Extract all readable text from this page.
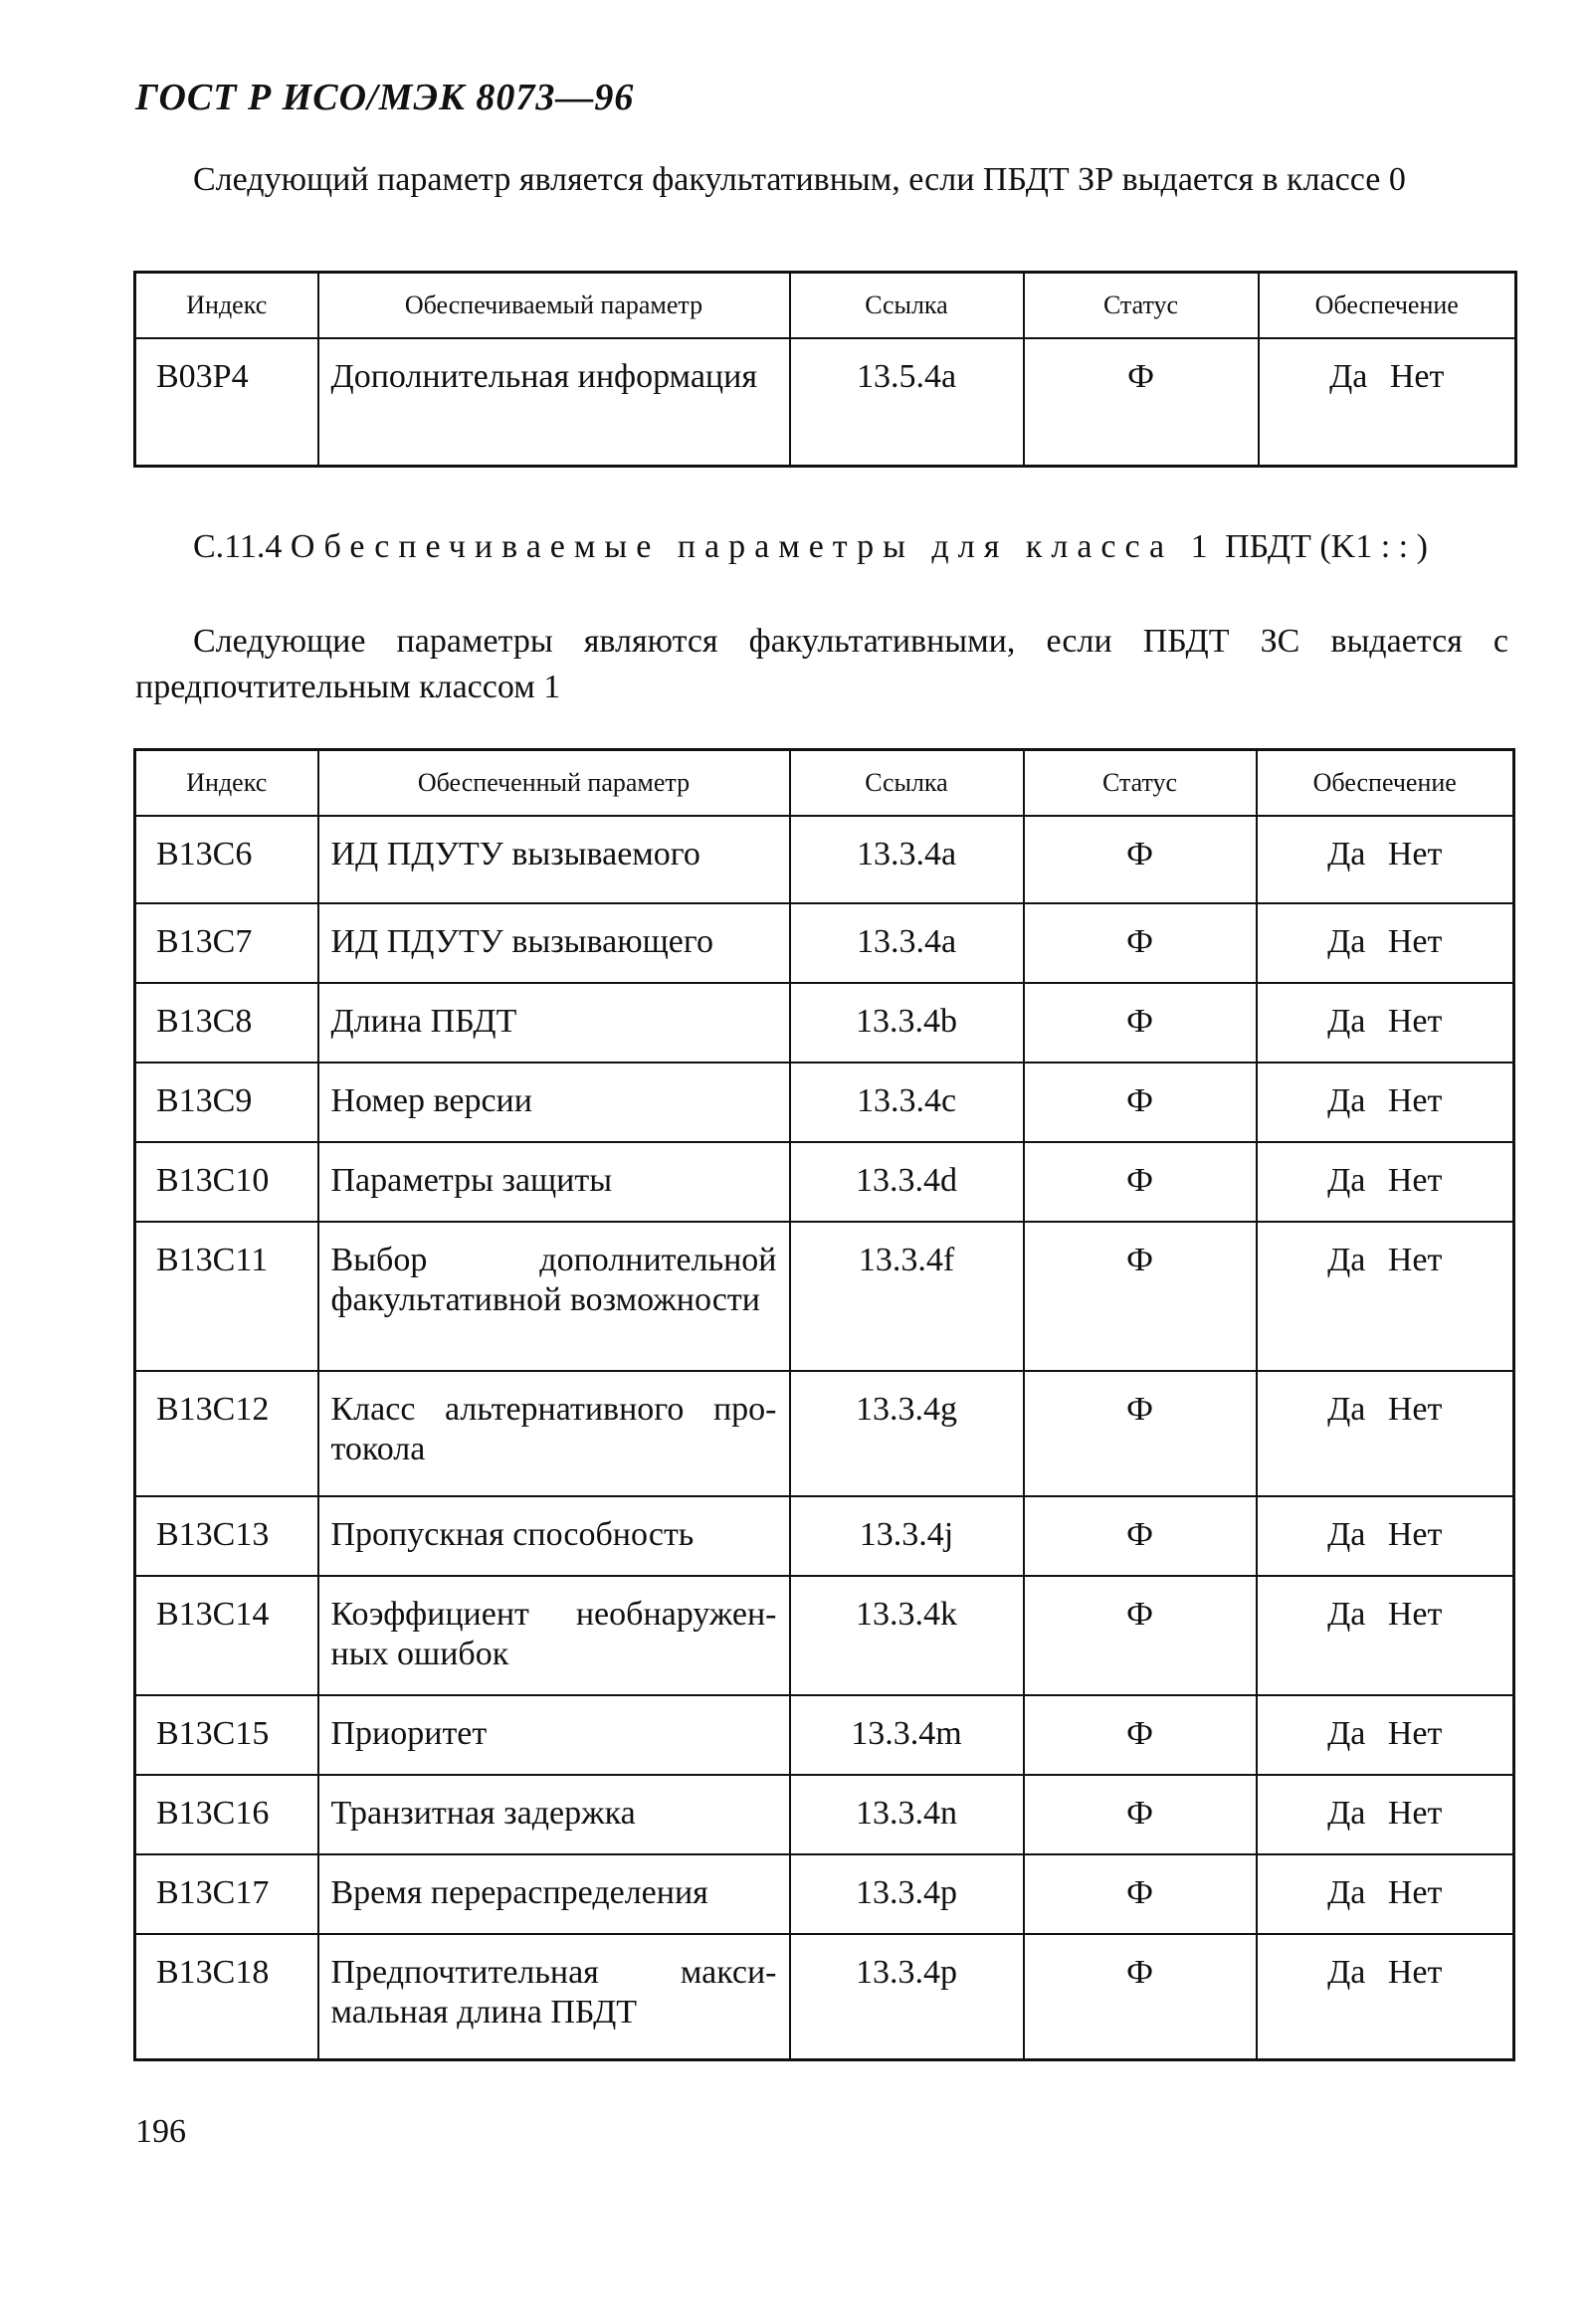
ГОСТ Р ИСО/МЭК 8073—96
Следующий параметр является факультативным, если ПБДТ ЗР выдается в классе 0
Индекс	Обеспечиваемый параметр	Ссылка	Статус	Обеспечение
B03P4	Дополнительная информация	13.5.4a	Ф	Да Нет
С.11.4 Обеспечиваемые параметры для класса 1 ПБДТ (K1 : : )
Следующие параметры являются факультативными, если ПБДТ ЗС выдается с предпочтительным классом 1
Индекс	Обеспеченный параметр	Ссылка	Статус	Обеспечение
B13C6	ИД ПДУТУ вызываемого	13.3.4a	Ф	Да Нет
B13C7	ИД ПДУТУ вызывающего	13.3.4a	Ф	Да Нет
B13C8	Длина ПБДТ	13.3.4b	Ф	Да Нет
B13C9	Номер версии	13.3.4c	Ф	Да Нет
B13C10	Параметры защиты	13.3.4d	Ф	Да Нет
B13C11	Выбор дополнительной факультативной возможности	13.3.4f	Ф	Да Нет
B13C12	Класс альтернативного протокола	13.3.4g	Ф	Да Нет
B13C13	Пропускная способность	13.3.4j	Ф	Да Нет
B13C14	Коэффициент необнаруженных ошибок	13.3.4k	Ф	Да Нет
B13C15	Приоритет	13.3.4m	Ф	Да Нет
B13C16	Транзитная задержка	13.3.4n	Ф	Да Нет
B13C17	Время перераспределения	13.3.4p	Ф	Да Нет
B13C18	Предпочтительная максимальная длина ПБДТ	13.3.4p	Ф	Да Нет
196
